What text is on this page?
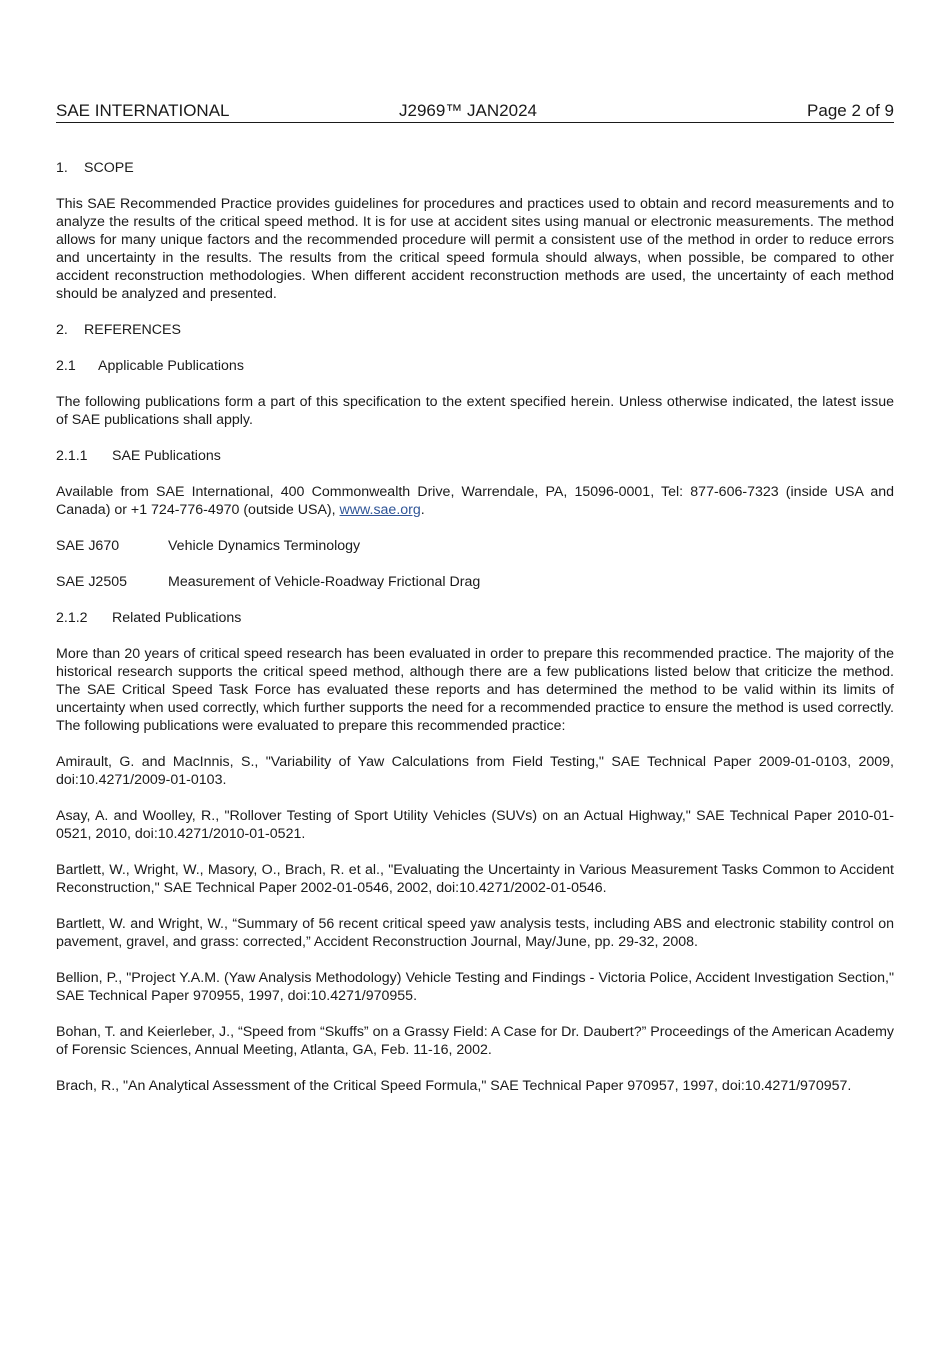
SAE INTERNATIONAL	J2969™ JAN2024	Page 2 of 9

1. SCOPE

This SAE Recommended Practice provides guidelines for procedures and practices used to obtain and record measurements and to analyze the results of the critical speed method. It is for use at accident sites using manual or electronic measurements. The method allows for many unique factors and the recommended procedure will permit a consistent use of the method in order to reduce errors and uncertainty in the results. The results from the critical speed formula should always, when possible, be compared to other accident reconstruction methodologies. When different accident reconstruction methods are used, the uncertainty of each method should be analyzed and presented.

2. REFERENCES

2.1 Applicable Publications

The following publications form a part of this specification to the extent specified herein. Unless otherwise indicated, the latest issue of SAE publications shall apply.

2.1.1 SAE Publications

Available from SAE International, 400 Commonwealth Drive, Warrendale, PA, 15096-0001, Tel: 877-606-7323 (inside USA and Canada) or +1 724-776-4970 (outside USA), www.sae.org.

SAE J670	Vehicle Dynamics Terminology

SAE J2505	Measurement of Vehicle-Roadway Frictional Drag

2.1.2 Related Publications

More than 20 years of critical speed research has been evaluated in order to prepare this recommended practice. The majority of the historical research supports the critical speed method, although there are a few publications listed below that criticize the method. The SAE Critical Speed Task Force has evaluated these reports and has determined the method to be valid within its limits of uncertainty when used correctly, which further supports the need for a recommended practice to ensure the method is used correctly. The following publications were evaluated to prepare this recommended practice:

Amirault, G. and MacInnis, S., "Variability of Yaw Calculations from Field Testing," SAE Technical Paper 2009-01-0103, 2009, doi:10.4271/2009-01-0103.

Asay, A. and Woolley, R., "Rollover Testing of Sport Utility Vehicles (SUVs) on an Actual Highway," SAE Technical Paper 2010-01-0521, 2010, doi:10.4271/2010-01-0521.

Bartlett, W., Wright, W., Masory, O., Brach, R. et al., "Evaluating the Uncertainty in Various Measurement Tasks Common to Accident Reconstruction," SAE Technical Paper 2002-01-0546, 2002, doi:10.4271/2002-01-0546.

Bartlett, W. and Wright, W., “Summary of 56 recent critical speed yaw analysis tests, including ABS and electronic stability control on pavement, gravel, and grass: corrected,” Accident Reconstruction Journal, May/June, pp. 29-32, 2008.

Bellion, P., "Project Y.A.M. (Yaw Analysis Methodology) Vehicle Testing and Findings - Victoria Police, Accident Investigation Section," SAE Technical Paper 970955, 1997, doi:10.4271/970955.

Bohan, T. and Keierleber, J., “Speed from “Skuffs” on a Grassy Field: A Case for Dr. Daubert?” Proceedings of the American Academy of Forensic Sciences, Annual Meeting, Atlanta, GA, Feb. 11-16, 2002.

Brach, R., "An Analytical Assessment of the Critical Speed Formula," SAE Technical Paper 970957, 1997, doi:10.4271/970957.
